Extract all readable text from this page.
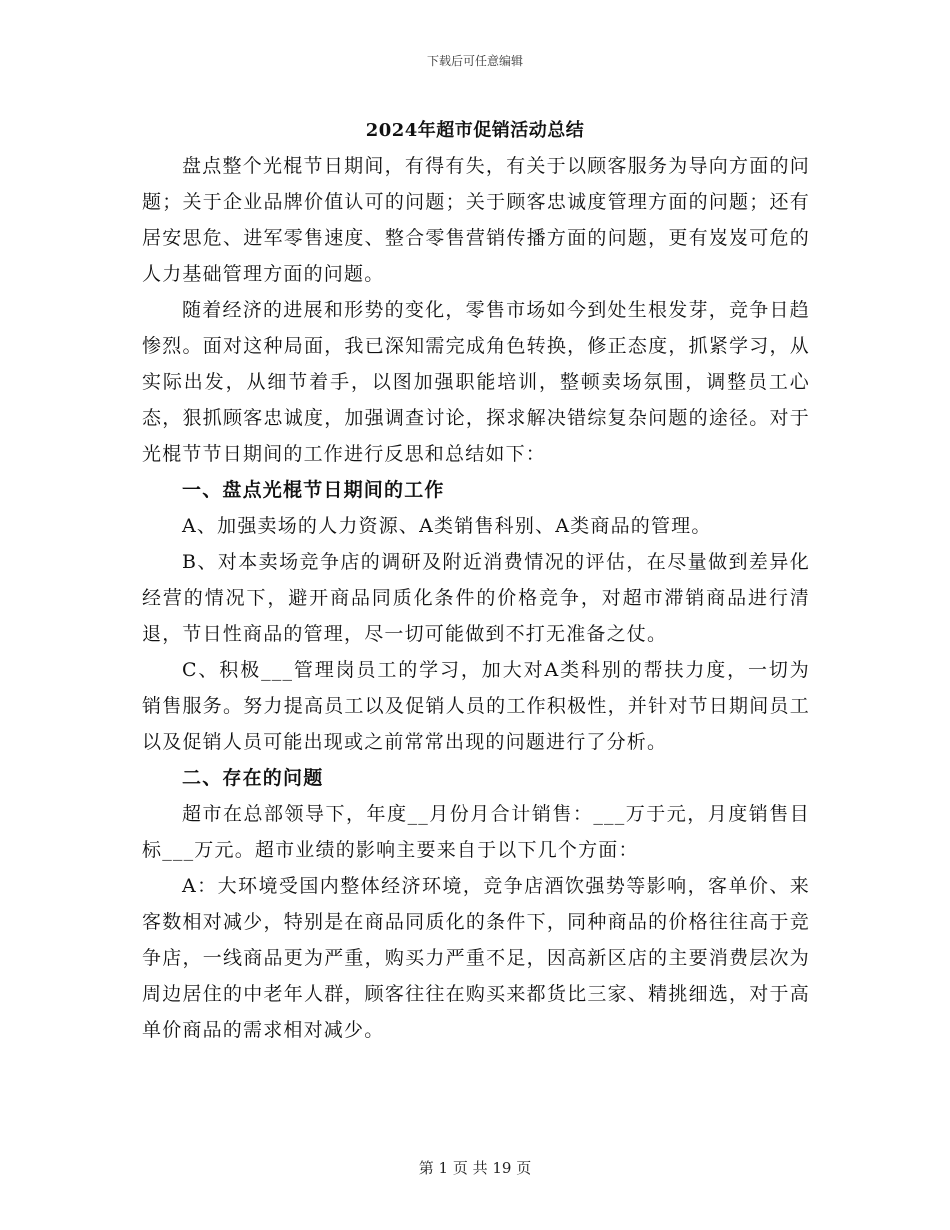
下载后可任意编辑
2024年超市促销活动总结

盘点整个光棍节日期间，有得有失，有关于以顾客服务为导向方面的问题；关于企业品牌价值认可的问题；关于顾客忠诚度管理方面的问题；还有居安思危、进军零售速度、整合零售营销传播方面的问题，更有岌岌可危的人力基础管理方面的问题。

随着经济的进展和形势的变化，零售市场如今到处生根发芽，竞争日趋惨烈。面对这种局面，我已深知需完成角色转换，修正态度，抓紧学习，从实际出发，从细节着手，以图加强职能培训，整顿卖场氛围，调整员工心态，狠抓顾客忠诚度，加强调查讨论，探求解决错综复杂问题的途径。对于光棍节节日期间的工作进行反思和总结如下：

一、盘点光棍节日期间的工作

A、加强卖场的人力资源、A类销售科别、A类商品的管理。

B、对本卖场竞争店的调研及附近消费情况的评估，在尽量做到差异化经营的情况下，避开商品同质化条件的价格竞争，对超市滞销商品进行清退，节日性商品的管理，尽一切可能做到不打无准备之仗。

C、积极___管理岗员工的学习，加大对A类科别的帮扶力度，一切为销售服务。努力提高员工以及促销人员的工作积极性，并针对节日期间员工以及促销人员可能出现或之前常常出现的问题进行了分析。

二、存在的问题

超市在总部领导下，年度__月份月合计销售：___万于元，月度销售目标___万元。超市业绩的影响主要来自于以下几个方面：

A：大环境受国内整体经济环境，竞争店酒饮强势等影响，客单价、来客数相对减少，特别是在商品同质化的条件下，同种商品的价格往往高于竞争店，一线商品更为严重，购买力严重不足，因高新区店的主要消费层次为周边居住的中老年人群，顾客往往在购买来都货比三家、精挑细选，对于高单价商品的需求相对减少。

第 1 页 共 19 页
